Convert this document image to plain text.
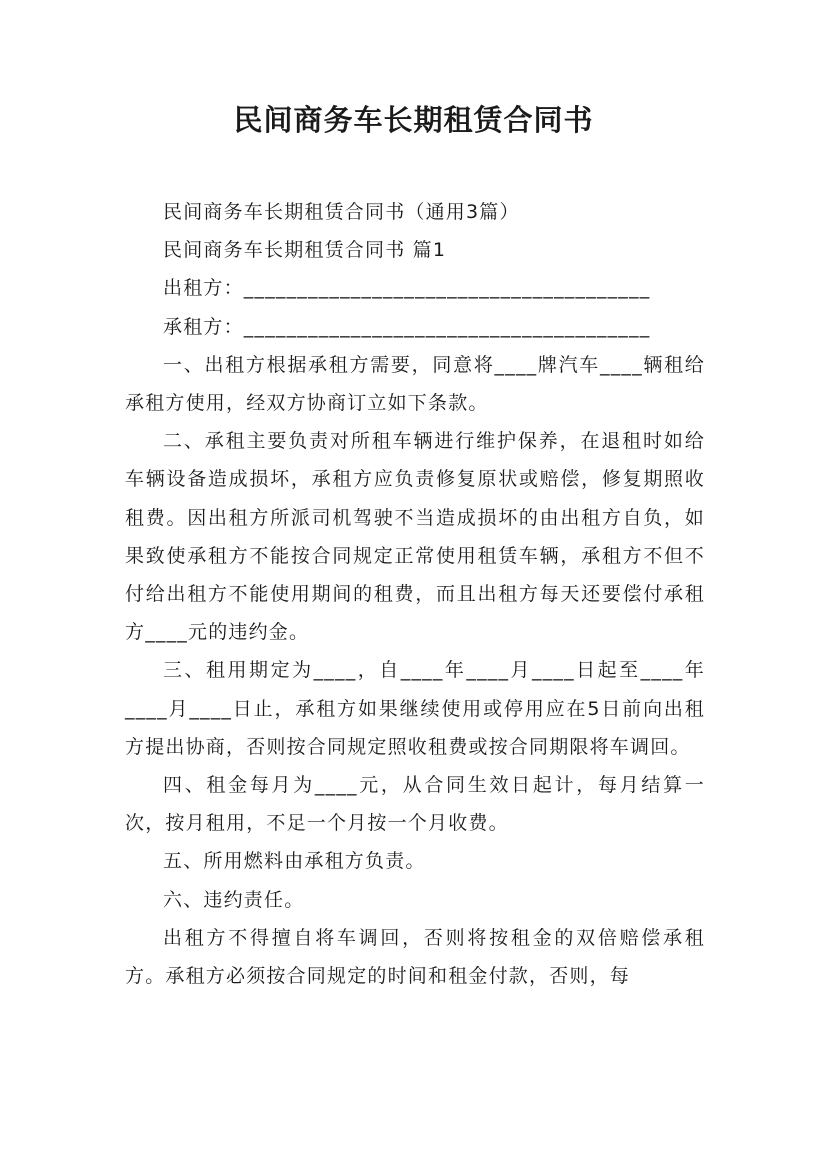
民间商务车长期租赁合同书

民间商务车长期租赁合同书（通用3篇）

民间商务车长期租赁合同书 篇1

出租方：______________________________________

承租方：______________________________________

一、出租方根据承租方需要，同意将____牌汽车____辆租给承租方使用，经双方协商订立如下条款。

二、承租主要负责对所租车辆进行维护保养，在退租时如给车辆设备造成损坏，承租方应负责修复原状或赔偿，修复期照收租费。因出租方所派司机驾驶不当造成损坏的由出租方自负，如果致使承租方不能按合同规定正常使用租赁车辆，承租方不但不付给出租方不能使用期间的租费，而且出租方每天还要偿付承租方____元的违约金。

三、租用期定为____，自____年____月____日起至____年____月____日止，承租方如果继续使用或停用应在5日前向出租方提出协商，否则按合同规定照收租费或按合同期限将车调回。

四、租金每月为____元，从合同生效日起计，每月结算一次，按月租用，不足一个月按一个月收费。

五、所用燃料由承租方负责。

六、违约责任。

出租方不得擅自将车调回，否则将按租金的双倍赔偿承租方。承租方必须按合同规定的时间和租金付款，否则，每
